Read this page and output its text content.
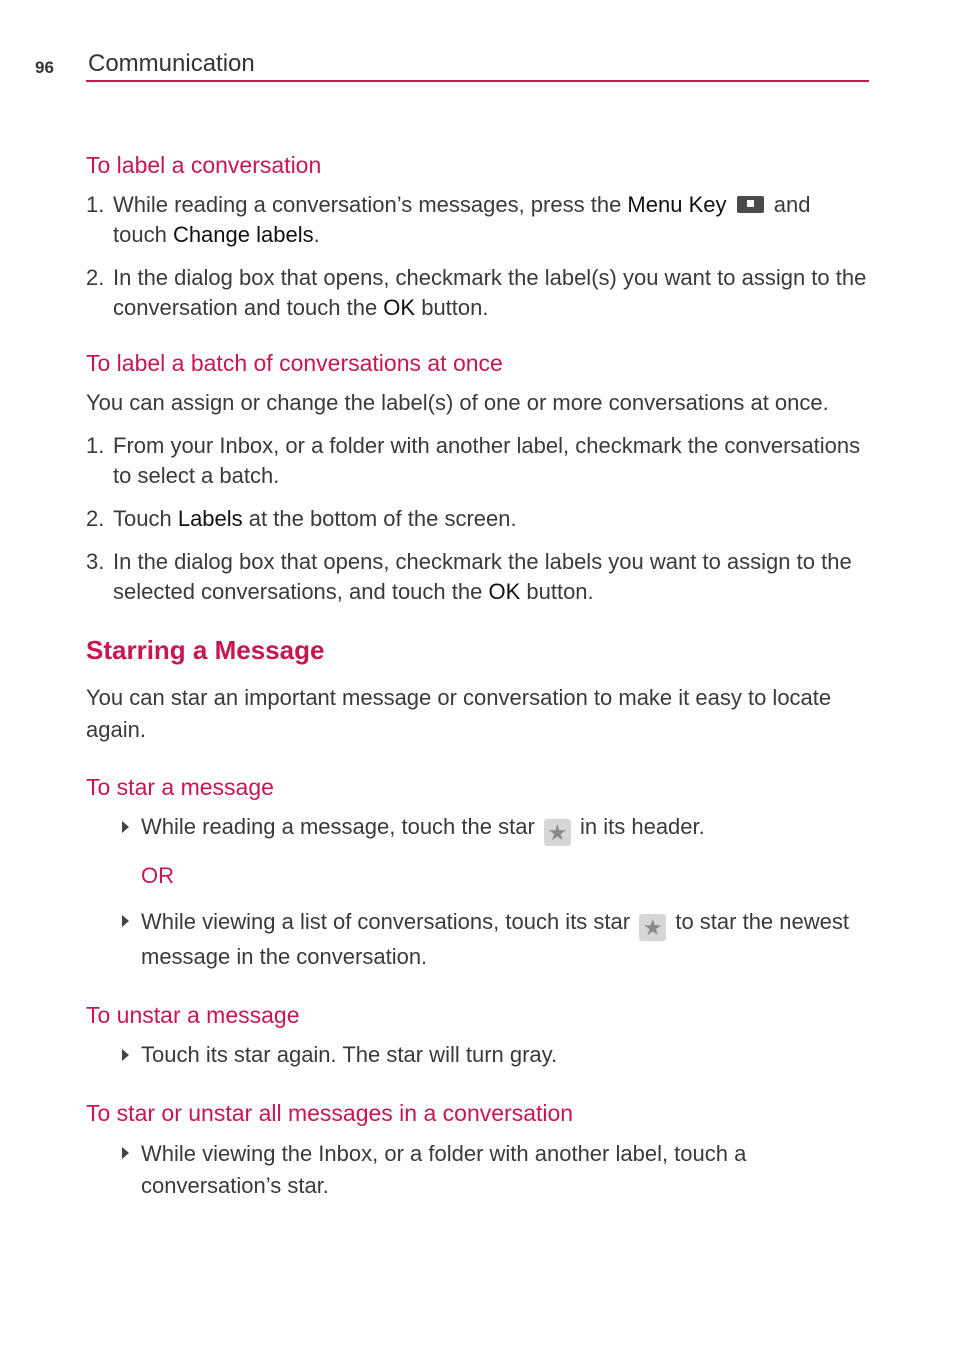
96 Communication
To label a conversation
1. While reading a conversation’s messages, press the Menu Key  and touch Change labels.
2. In the dialog box that opens, checkmark the label(s) you want to assign to the conversation and touch the OK button.
To label a batch of conversations at once

You can assign or change the label(s) of one or more conversations at once.

1. From your Inbox, or a folder with another label, checkmark the conversations to select a batch.
2. Touch Labels at the bottom of the screen.
3. In the dialog box that opens, checkmark the labels you want to assign to the selected conversations, and touch the OK button.
Starring a Message

You can star an important message or conversation to make it easy to locate again.

To star a message
While reading a message, touch the star ★ in its header.
OR
While viewing a list of conversations, touch its star ★ to star the newest message in the conversation.
To unstar a message
Touch its star again. The star will turn gray.
To star or unstar all messages in a conversation
While viewing the Inbox, or a folder with another label, touch a conversation’s star.
